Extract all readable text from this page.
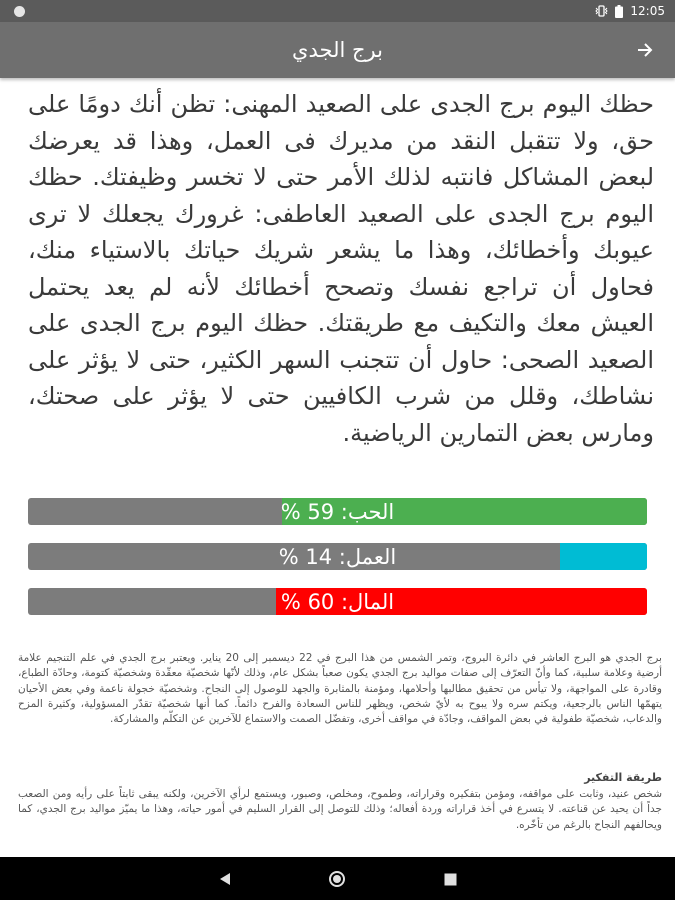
12:05
برج الجدي
حظك اليوم برج الجدى على الصعيد المهنى: تظن أنك دومًا على حق، ولا تتقبل النقد من مديرك فى العمل، وهذا قد يعرضك لبعض المشاكل فانتبه لذلك الأمر حتى لا تخسر وظيفتك. حظك اليوم برج الجدى على الصعيد العاطفى: غرورك يجعلك لا ترى عيوبك وأخطائك، وهذا ما يشعر شريك حياتك بالاستياء منك، فحاول أن تراجع نفسك وتصحح أخطائك لأنه لم يعد يحتمل العيش معك والتكيف مع طريقتك. حظك اليوم برج الجدى على الصعيد الصحى: حاول أن تتجنب السهر الكثير، حتى لا يؤثر على نشاطك، وقلل من شرب الكافيين حتى لا يؤثر على صحتك، ومارس بعض التمارين الرياضية.
الحب: 59 %
العمل: 14 %
المال: 60 %
برج الجدي هو البرج العاشر في دائرة البروج، وتمر الشمس من هذا البرج في 22 ديسمبر إلى 20 يناير. ويعتبر برج الجدي في علم التنجيم علامة أرضية وعلامة سلبية، كما وأنّ التعرّف إلى صفات مواليد برج الجدي يكون صعباً بشكل عام، وذلك لأنّها شخصيّة معقّدة وشخصيّة كتومة، وحادّة الطباع، وقادرة على المواجهة، ولا تيأس من تحقيق مطالبها وأحلامها، ومؤمنة بالمثابرة والجهد للوصول إلى النجاح. وشخصيّة خجولة ناعمة وفي بعض الأحيان يتهمّها الناس بالرجعية، ويكتم سره ولا يبوح به لأيّ شخص، ويظهر للناس السعادة والفرح دائماً. كما أنها شخصيّة تقدّر المسؤولية، وكثيرة المزح والدعاب، شخصيّة طفولية في بعض المواقف، وجادّة في مواقف أخرى، وتفضّل الصمت والاستماع للآخرين عن التكلّم والمشاركة.
طريقة التفكير
شخص عنيد، وثابت على مواقفه، ومؤمن بتفكيره وقراراته، وطموح، ومخلص، وصبور، ويستمع لرأي الآخرين، ولكنه يبقى ثابتاً على رأيه ومن الصعب جداً أن يحيد عن قناعته. لا يتسرع في أخذ قراراته وردة أفعاله؛ وذلك للتوصل إلى القرار السليم في أمور حياته، وهذا ما يميّز مواليد برج الجدي، كما ويحالفهم النجاح بالرغم من تأخّره.
